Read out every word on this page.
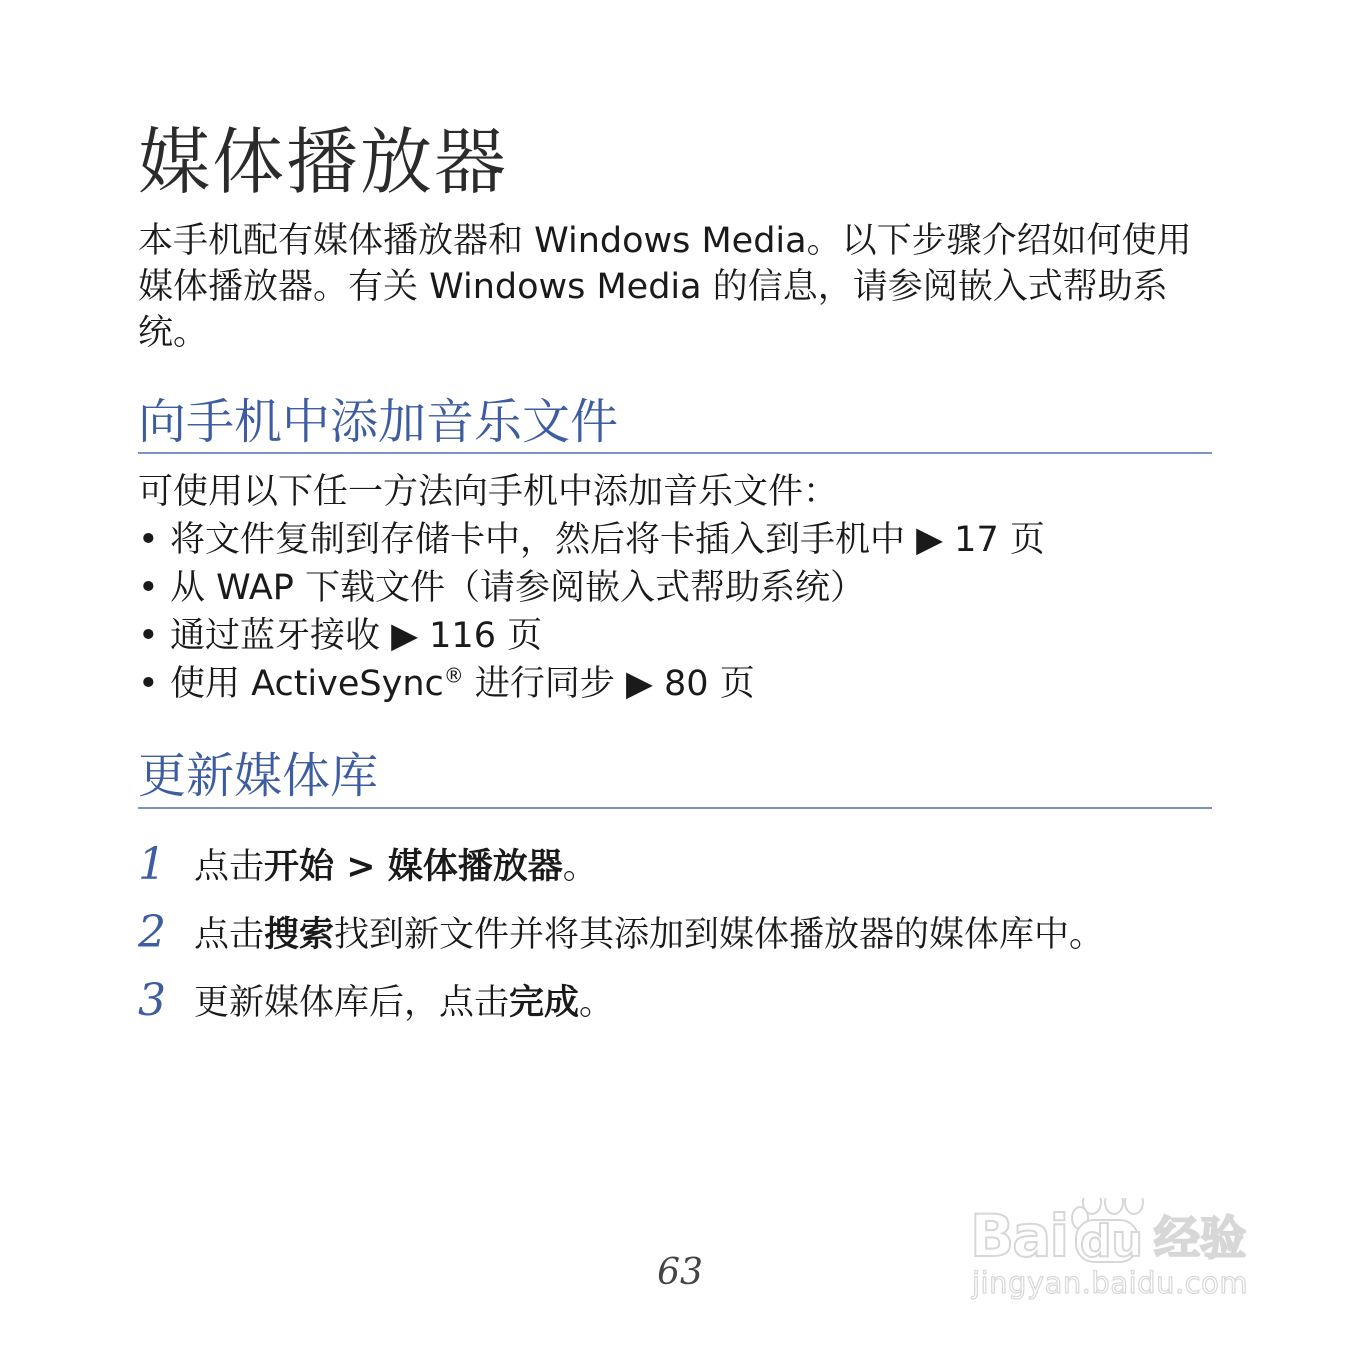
媒体播放器

本手机配有媒体播放器和 Windows Media。以下步骤介绍如何使用媒体播放器。有关 Windows Media 的信息，请参阅嵌入式帮助系统。

向手机中添加音乐文件

可使用以下任一方法向手机中添加音乐文件：

• 将文件复制到存储卡中，然后将卡插入到手机中 ▶ 17 页
• 从 WAP 下载文件（请参阅嵌入式帮助系统）
• 通过蓝牙接收 ▶ 116 页
• 使用 ActiveSync® 进行同步 ▶ 80 页
更新媒体库
1 点击开始 > 媒体播放器。
2 点击搜索找到新文件并将其添加到媒体播放器的媒体库中。
3 更新媒体库后，点击完成。
63
Bai du 经验
jingyan.baidu.com
